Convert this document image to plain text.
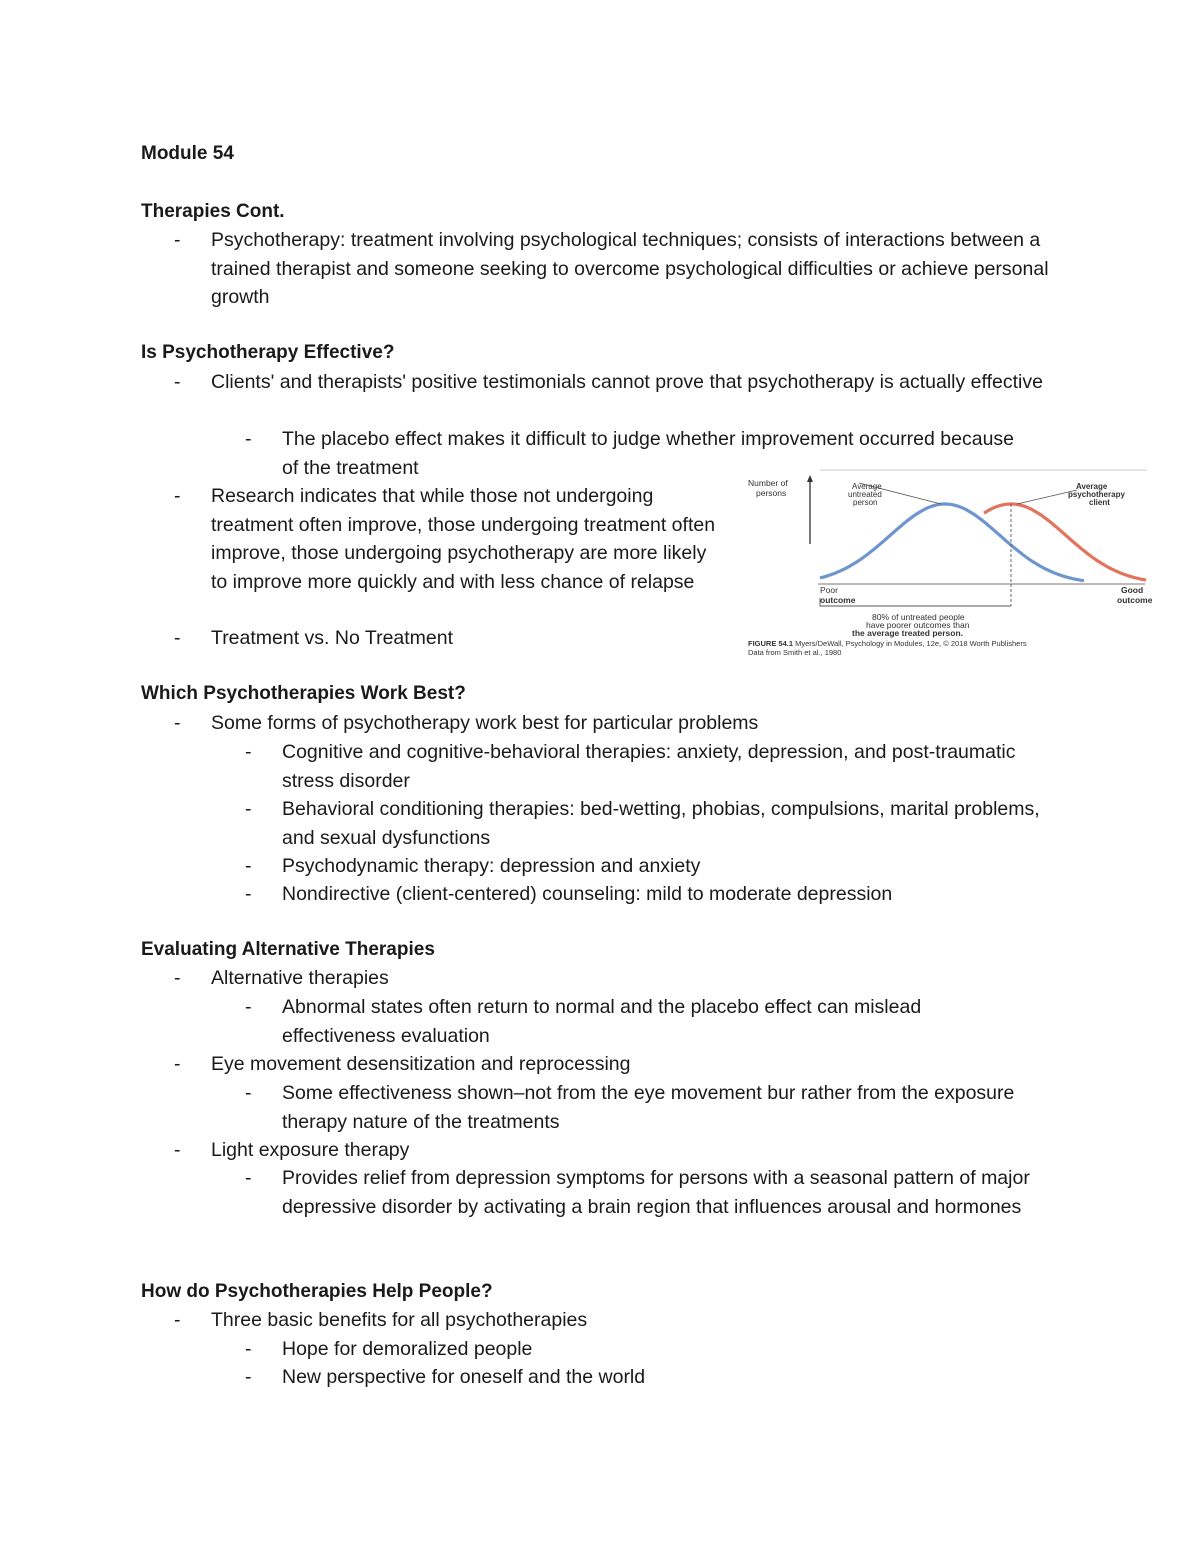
Module 54
Therapies Cont.
- Psychotherapy: treatment involving psychological techniques; consists of interactions between a trained therapist and someone seeking to overcome psychological difficulties or achieve personal growth
Is Psychotherapy Effective?
- Clients' and therapists' positive testimonials cannot prove that psychotherapy is actually effective
- The placebo effect makes it difficult to judge whether improvement occurred because of the treatment
- Research indicates that while those not undergoing treatment often improve, those undergoing treatment often improve, those undergoing psychotherapy are more likely to improve more quickly and with less chance of relapse
- Treatment vs. No Treatment
Number of
persons
Average
untreated
person
Average
psychotherapy
client
Poor
outcome
Good
outcome
80% of untreated people
have poorer outcomes than
the average treated person.
FIGURE 54.1 Myers/DeWall, Psychology in Modules, 12e, © 2018 Worth Publishers
Data from Smith et al., 1980
Which Psychotherapies Work Best?
- Some forms of psychotherapy work best for particular problems
- Cognitive and cognitive-behavioral therapies: anxiety, depression, and post-traumatic stress disorder
- Behavioral conditioning therapies: bed-wetting, phobias, compulsions, marital problems, and sexual dysfunctions
- Psychodynamic therapy: depression and anxiety
- Nondirective (client-centered) counseling: mild to moderate depression
Evaluating Alternative Therapies
- Alternative therapies
- Abnormal states often return to normal and the placebo effect can mislead effectiveness evaluation
- Eye movement desensitization and reprocessing
- Some effectiveness shown–not from the eye movement bur rather from the exposure therapy nature of the treatments
- Light exposure therapy
- Provides relief from depression symptoms for persons with a seasonal pattern of major depressive disorder by activating a brain region that influences arousal and hormones
How do Psychotherapies Help People?
- Three basic benefits for all psychotherapies
- Hope for demoralized people
- New perspective for oneself and the world
